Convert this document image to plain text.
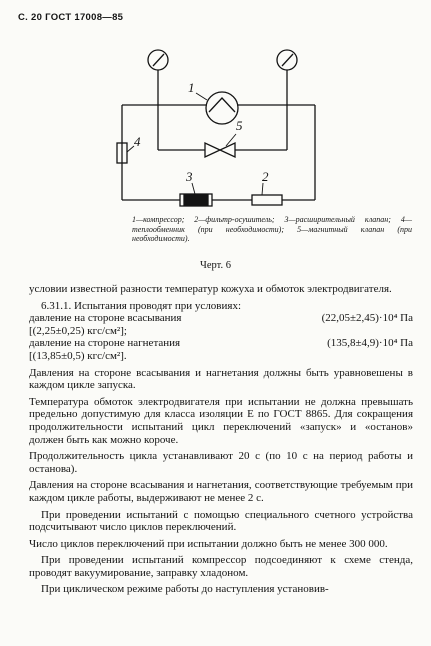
С. 20 ГОСТ 17008—85
1
2
3
4
5
1—компрессор; 2—фильтр-осушитель; 3—расширительный клапан; 4—теплообменник (при необходимости); 5—магнитный клапан (при необходимости).
Черт. 6

условии известной разности температур кожуха и обмоток электродвигателя.

6.31.1. Испытания проводят при условиях:

давление на стороне всасывания	(22,05±2,45)·10⁴ Па
[(2,25±0,25) кгс/см²];
давление на стороне нагнетания	(135,8±4,9)·10⁴ Па

[(13,85±0,5) кгс/см²].

Давления на стороне всасывания и нагнетания должны быть уравновешены в каждом цикле запуска.

Температура обмоток электродвигателя при испытании не должна превышать предельно допустимую для класса изоляции Е по ГОСТ 8865. Для сокращения продолжительности испытаний цикл переключений «запуск» и «останов» должен быть как можно короче.

Продолжительность цикла устанавливают 20 с (по 10 с на период работы и останова).

Давления на стороне всасывания и нагнетания, соответствующие требуемым при каждом цикле работы, выдерживают не менее 2 с.

При проведении испытаний с помощью специального счетного устройства подсчитывают число циклов переключений.

Число циклов переключений при испытании должно быть не менее 300 000.

При проведении испытаний компрессор подсоединяют к схеме стенда, проводят вакуумирование, заправку хладоном.

При циклическом режиме работы до наступления установив-
